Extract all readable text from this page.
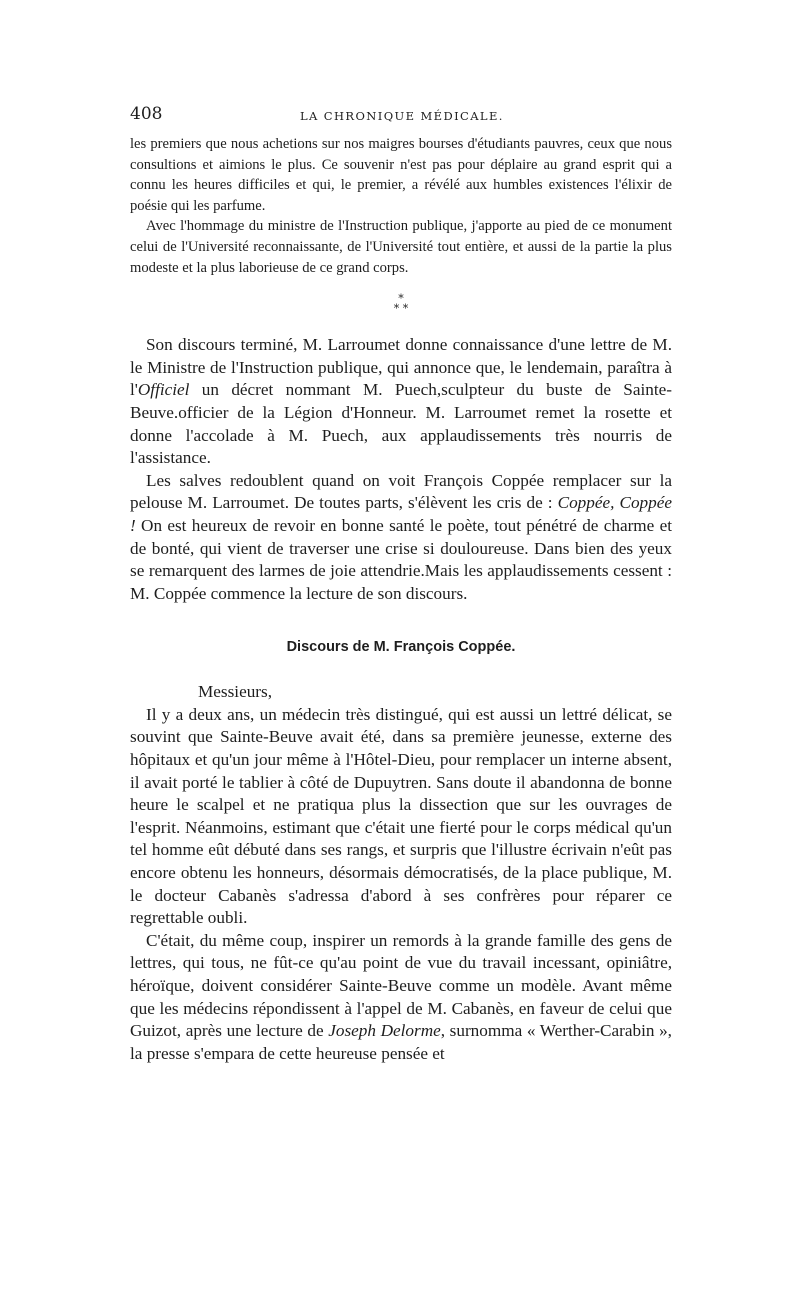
408	LA CHRONIQUE MÉDICALE.

les premiers que nous achetions sur nos maigres bourses d'étudiants pauvres, ceux que nous consultions et aimions le plus. Ce souvenir n'est pas pour déplaire au grand esprit qui a connu les heures difficiles et qui, le premier, a révélé aux humbles existences l'élixir de poésie qui les parfume.

Avec l'hommage du ministre de l'Instruction publique, j'apporte au pied de ce monument celui de l'Université reconnaissante, de l'Université tout entière, et aussi de la partie la plus modeste et la plus laborieuse de ce grand corps.

*
* *

Son discours terminé, M. Larroumet donne connaissance d'une lettre de M. le Ministre de l'Instruction publique, qui annonce que, le lendemain, paraîtra à l'Officiel un décret nommant M. Puech,sculpteur du buste de Sainte-Beuve.officier de la Légion d'Honneur. M. Larroumet remet la rosette et donne l'accolade à M. Puech, aux applaudissements très nourris de l'assistance.

Les salves redoublent quand on voit François Coppée remplacer sur la pelouse M. Larroumet. De toutes parts, s'élèvent les cris de : Coppée, Coppée ! On est heureux de revoir en bonne santé le poète, tout pénétré de charme et de bonté, qui vient de traverser une crise si douloureuse. Dans bien des yeux se remarquent des larmes de joie attendrie.Mais les applaudissements cessent : M. Coppée commence la lecture de son discours.

Discours de M. François Coppée.

Messieurs,

Il y a deux ans, un médecin très distingué, qui est aussi un lettré délicat, se souvint que Sainte-Beuve avait été, dans sa première jeunesse, externe des hôpitaux et qu'un jour même à l'Hôtel-Dieu, pour remplacer un interne absent, il avait porté le tablier à côté de Dupuytren. Sans doute il abandonna de bonne heure le scalpel et ne pratiqua plus la dissection que sur les ouvrages de l'esprit. Néanmoins, estimant que c'était une fierté pour le corps médical qu'un tel homme eût débuté dans ses rangs, et surpris que l'illustre écrivain n'eût pas encore obtenu les honneurs, désormais démocratisés, de la place publique, M. le docteur Cabanès s'adressa d'abord à ses confrères pour réparer ce regrettable oubli.

C'était, du même coup, inspirer un remords à la grande famille des gens de lettres, qui tous, ne fût-ce qu'au point de vue du travail incessant, opiniâtre, héroïque, doivent considérer Sainte-Beuve comme un modèle. Avant même que les médecins répondissent à l'appel de M. Cabanès, en faveur de celui que Guizot, après une lecture de Joseph Delorme, surnomma « Werther-Carabin », la presse s'empara de cette heureuse pensée et
